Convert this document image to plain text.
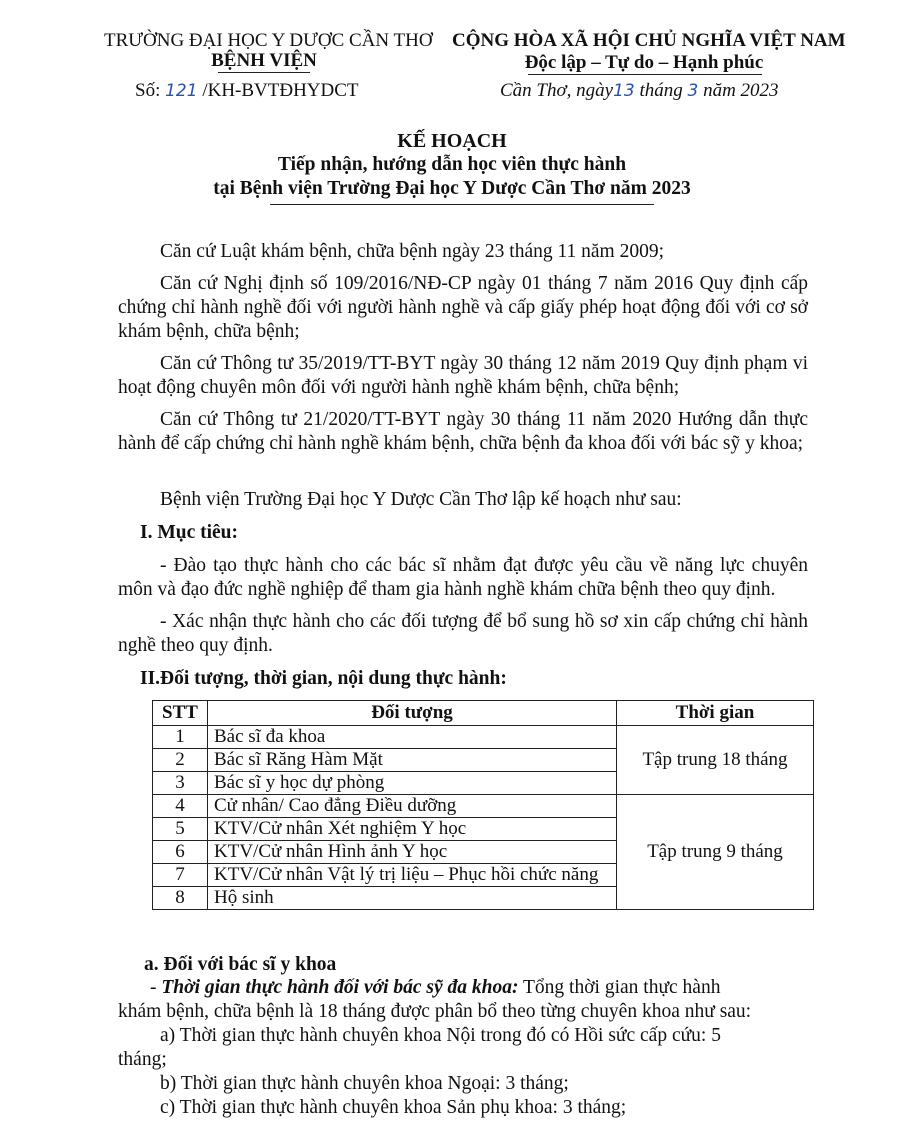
TRƯỜNG ĐẠI HỌC Y DƯỢC CẦN THƠ
BỆNH VIỆN
Số: 121 /KH-BVTĐHYDCT
CỘNG HÒA XÃ HỘI CHỦ NGHĨA VIỆT NAM
Độc lập – Tự do – Hạnh phúc
Cần Thơ, ngày13 tháng 3 năm 2023
KẾ HOẠCH
Tiếp nhận, hướng dẫn học viên thực hành
tại Bệnh viện Trường Đại học Y Dược Cần Thơ năm 2023
Căn cứ Luật khám bệnh, chữa bệnh ngày 23 tháng 11 năm 2009;
Căn cứ Nghị định số 109/2016/NĐ-CP ngày 01 tháng 7 năm 2016 Quy định cấp chứng chỉ hành nghề đối với người hành nghề và cấp giấy phép hoạt động đối với cơ sở khám bệnh, chữa bệnh;
Căn cứ Thông tư 35/2019/TT-BYT ngày 30 tháng 12 năm 2019 Quy định phạm vi hoạt động chuyên môn đối với người hành nghề khám bệnh, chữa bệnh;
Căn cứ Thông tư 21/2020/TT-BYT ngày 30 tháng 11 năm 2020 Hướng dẫn thực hành để cấp chứng chỉ hành nghề khám bệnh, chữa bệnh đa khoa đối với bác sỹ y khoa;
Bệnh viện Trường Đại học Y Dược Cần Thơ lập kế hoạch như sau:
I. Mục tiêu:
- Đào tạo thực hành cho các bác sĩ nhằm đạt được yêu cầu về năng lực chuyên môn và đạo đức nghề nghiệp để tham gia hành nghề khám chữa bệnh theo quy định.
- Xác nhận thực hành cho các đối tượng để bổ sung hồ sơ xin cấp chứng chỉ hành nghề theo quy định.
II.Đối tượng, thời gian, nội dung thực hành:
STT	Đối tượng	Thời gian
1	Bác sĩ đa khoa	Tập trung 18 tháng
2	Bác sĩ Răng Hàm Mặt	
3	Bác sĩ y học dự phòng	
4	Cử nhân/ Cao đẳng Điều dưỡng	Tập trung 9 tháng
5	KTV/Cử nhân Xét nghiệm Y học	
6	KTV/Cử nhân Hình ảnh Y học	
7	KTV/Cử nhân Vật lý trị liệu – Phục hồi chức năng	
8	Hộ sinh	
a. Đối với bác sĩ y khoa
- Thời gian thực hành đối với bác sỹ đa khoa: Tổng thời gian thực hành
khám bệnh, chữa bệnh là 18 tháng được phân bổ theo từng chuyên khoa như sau:
a) Thời gian thực hành chuyên khoa Nội trong đó có Hồi sức cấp cứu: 5
tháng;
b) Thời gian thực hành chuyên khoa Ngoại: 3 tháng;
c) Thời gian thực hành chuyên khoa Sản phụ khoa: 3 tháng;
